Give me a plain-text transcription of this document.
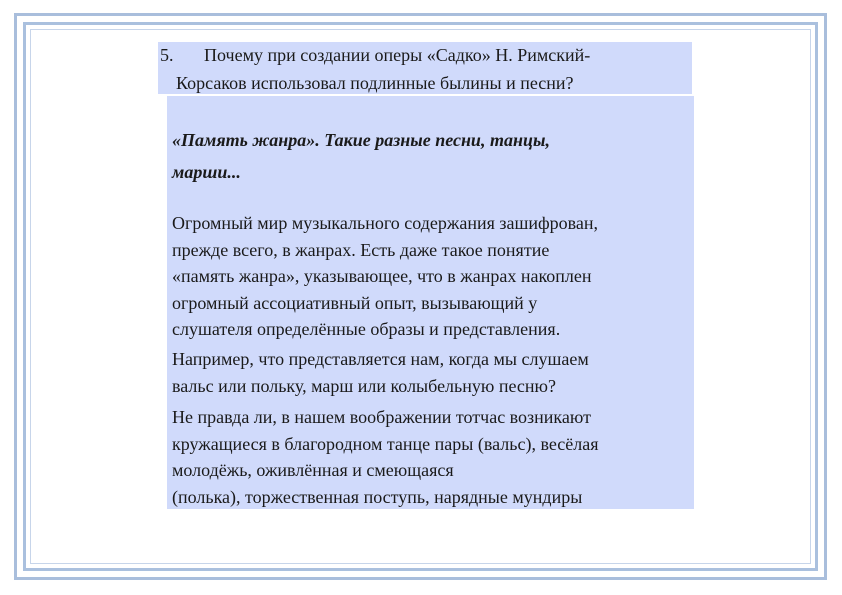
5. Почему при создании оперы «Садко» Н. Римский-
Корсаков использовал подлинные былины и песни?
«Память жанра». Такие разные песни, танцы,
марши...
Огромный мир музыкального содержания зашифрован,
прежде всего, в жанрах. Есть даже такое понятие
«память жанра», указывающее, что в жанрах накоплен
огромный ассоциативный опыт, вызывающий у
слушателя определённые образы и представления.
Например, что представляется нам, когда мы слушаем
вальс или польку, марш или колыбельную песню?
Не правда ли, в нашем воображении тотчас возникают
кружащиеся в благородном танце пары (вальс), весёлая
молодёжь, оживлённая и смеющаяся
(полька), торжественная поступь, нарядные мундиры
